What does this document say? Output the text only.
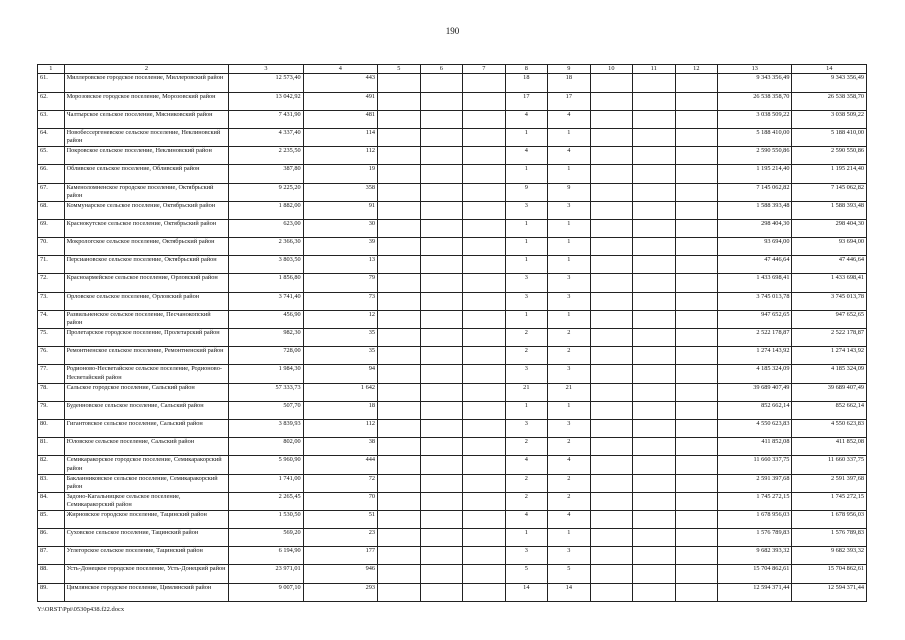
190
1	2	3	4	5	6	7	8	9	10	11	12	13	14
61.	Миллеровское городское поселение, Миллеровский район	12 573,40	443				18	18				9 343 356,49	9 343 356,49
62.	Морозовское городское поселение, Морозовский район	13 042,92	491				17	17				26 538 358,70	26 538 358,70
63.	Чалтырское сельское поселение, Мясниковский район	7 431,90	481				4	4				3 038 509,22	3 038 509,22
64.	Новобессергеневское сельское поселение, Неклиновский район	4 337,40	114				1	1				5 188 410,00	5 188 410,00
65.	Покровское сельское поселение, Неклиновский район	2 235,50	112				4	4				2 590 550,86	2 590 550,86
66.	Обливское сельское поселение, Обливский район	387,80	19				1	1				1 195 214,40	1 195 214,40
67.	Каменоломненское городское поселение, Октябрьский район	9 225,20	358				9	9				7 145 062,82	7 145 062,82
68.	Коммунарское сельское поселение, Октябрьский район	1 882,00	91				3	3				1 588 393,48	1 588 393,48
69.	Краснокутское сельское поселение, Октябрьский район	623,00	30				1	1				298 404,30	298 404,30
70.	Мокрологское сельское поселение, Октябрьский район	2 366,30	39				1	1				93 694,00	93 694,00
71.	Персиановское сельское поселение, Октябрьский район	3 803,50	13				1	1				47 446,64	47 446,64
72.	Красноармейское сельское поселение, Орловский район	1 856,80	79				3	3				1 433 698,41	1 433 698,41
73.	Орловское сельское поселение, Орловский район	3 741,40	73				3	3				3 745 013,78	3 745 013,78
74.	Развильненское сельское поселение, Песчанокопский район	456,90	12				1	1				947 652,65	947 652,65
75.	Пролетарское городское поселение, Пролетарский район	982,30	35				2	2				2 522 178,87	2 522 178,87
76.	Ремонтненское сельское поселение, Ремонтненский район	728,00	35				2	2				1 274 143,92	1 274 143,92
77.	Родионово-Несветайское сельское поселение, Родионово-Несветайский район	1 984,30	94				3	3				4 185 324,09	4 185 324,09
78.	Сальское городское поселение, Сальский район	57 333,73	1 642				21	21				39 689 407,49	39 689 407,49
79.	Буденновское сельское поселение, Сальский район	507,70	18				1	1				852 662,14	852 662,14
80.	Гигантовское сельское поселение, Сальский район	3 839,93	112				3	3				4 550 623,83	4 550 623,83
81.	Юловское сельское поселение, Сальский район	802,00	38				2	2				411 852,08	411 852,08
82.	Семикаракорское городское поселение, Семикаракорский район	5 960,90	444				4	4				11 660 337,75	11 660 337,75
83.	Бакланниковское сельское поселение, Семикаракорский район	1 741,00	72				2	2				2 591 397,68	2 591 397,68
84.	Задоно-Кагальницкое сельское поселение, Семикаракорский район	2 265,45	70				2	2				1 745 272,15	1 745 272,15
85.	Жирновское городское поселение, Тацинский район	1 530,50	51				4	4				1 678 956,03	1 678 956,03
86.	Суховское сельское поселение, Тацинский район	569,20	23				1	1				1 576 789,83	1 576 789,83
87.	Углегорское сельское поселение, Тацинский район	6 194,90	177				3	3				9 682 393,32	9 682 393,32
88.	Усть-Донецкое городское поселение, Усть-Донецкий район	23 971,01	946				5	5				15 704 862,61	15 704 862,61
89.	Цимлянское городское поселение, Цимлянский район	9 007,10	293				14	14				12 594 371,44	12 594 371,44
Y:\ORST\Ppi\0530p438.f22.docx
